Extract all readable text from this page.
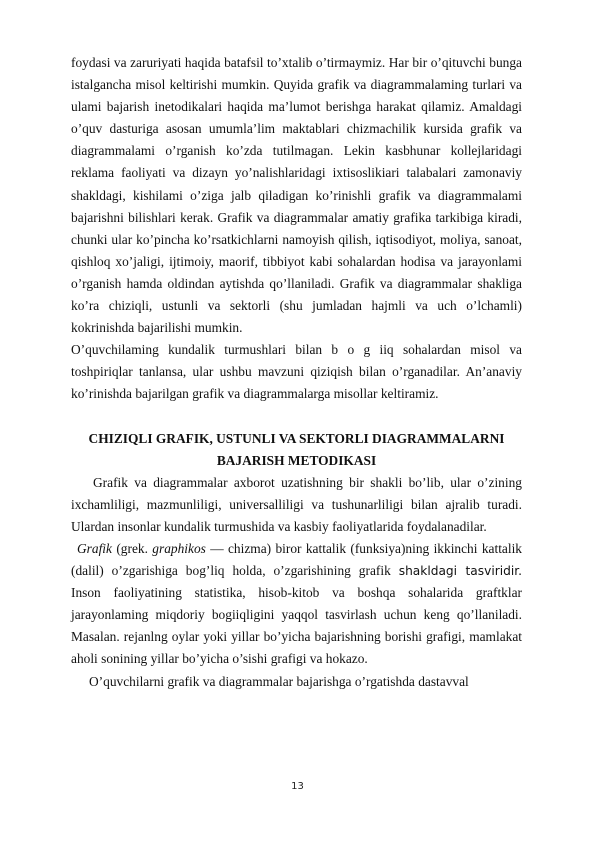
foydasi va zaruriyati haqida batafsil to’xtalib o’tirmaymiz. Har bir o’qituvchi bunga istalgancha misol keltirishi mumkin. Quyida grafik va diagrammalaming turlari va ulami bajarish inetodikalari haqida ma’lumot berishga harakat qilamiz. Amaldagi o’quv dasturiga asosan umumla’lim maktablari chizmachilik kursida grafik va diagrammalami o’rganish ko’zda tutilmagan. Lekin kasbhunar kollejlaridagi reklama faoliyati va dizayn yo’nalishlaridagi ixtisoslikiari talabalari zamonaviy shakldagi, kishilami o’ziga jalb qiladigan ko’rinishli grafik va diagrammalami bajarishni bilishlari kerak. Grafik va diagrammalar amatiy grafika tarkibiga kiradi, chunki ular ko’pincha ko’rsatkichlarni namoyish qilish, iqtisodiyot, moliya, sanoat, qishloq xo’jaligi, ijtimoiy, maorif, tibbiyot kabi sohalardan hodisa va jarayonlami o’rganish hamda oldindan aytishda qo’llaniladi. Grafik va diagrammalar shakliga ko’ra chiziqli, ustunli va sektorli (shu jumladan hajmli va uch o’lchamli) kokrinishda bajarilishi mumkin.

O’quvchilaming kundalik turmushlari bilan b o g iiq sohalardan misol va toshpiriqlar tanlansa, ular ushbu mavzuni qiziqish bilan o’rganadilar. An’anaviy ko’rinishda bajarilgan grafik va diagrammalarga misollar keltiramiz.

CHIZIQLI GRAFIK, USTUNLI VA SEKTORLI DIAGRAMMALARNI

BAJARISH METODIKASI

Grafik va diagrammalar axborot uzatishning bir shakli bo’lib, ular o’zining ixchamliligi, mazmunliligi, universalliligi va tushunarliligi bilan ajralib turadi. Ulardan insonlar kundalik turmushida va kasbiy faoliyatlarida foydalanadilar.

Grafik (grek. graphikos — chizma) biror kattalik (funksiya)ning ikkinchi kattalik (dalil) o’zgarishiga bog’liq holda, o’zgarishining grafik shakldagi tasviridir. Inson faoliyatining statistika, hisob-kitob va boshqa sohalarida graftklar jarayonlaming miqdoriy bogiiqligini yaqqol tasvirlash uchun keng qo’llaniladi. Masalan. rejanlng oylar yoki yillar bo’yicha bajarishning borishi grafigi, mamlakat aholi sonining yillar bo’yicha o’sishi grafigi va hokazo.

O’quvchilarni grafik va diagrammalar bajarishga o’rgatishda dastavval

13
